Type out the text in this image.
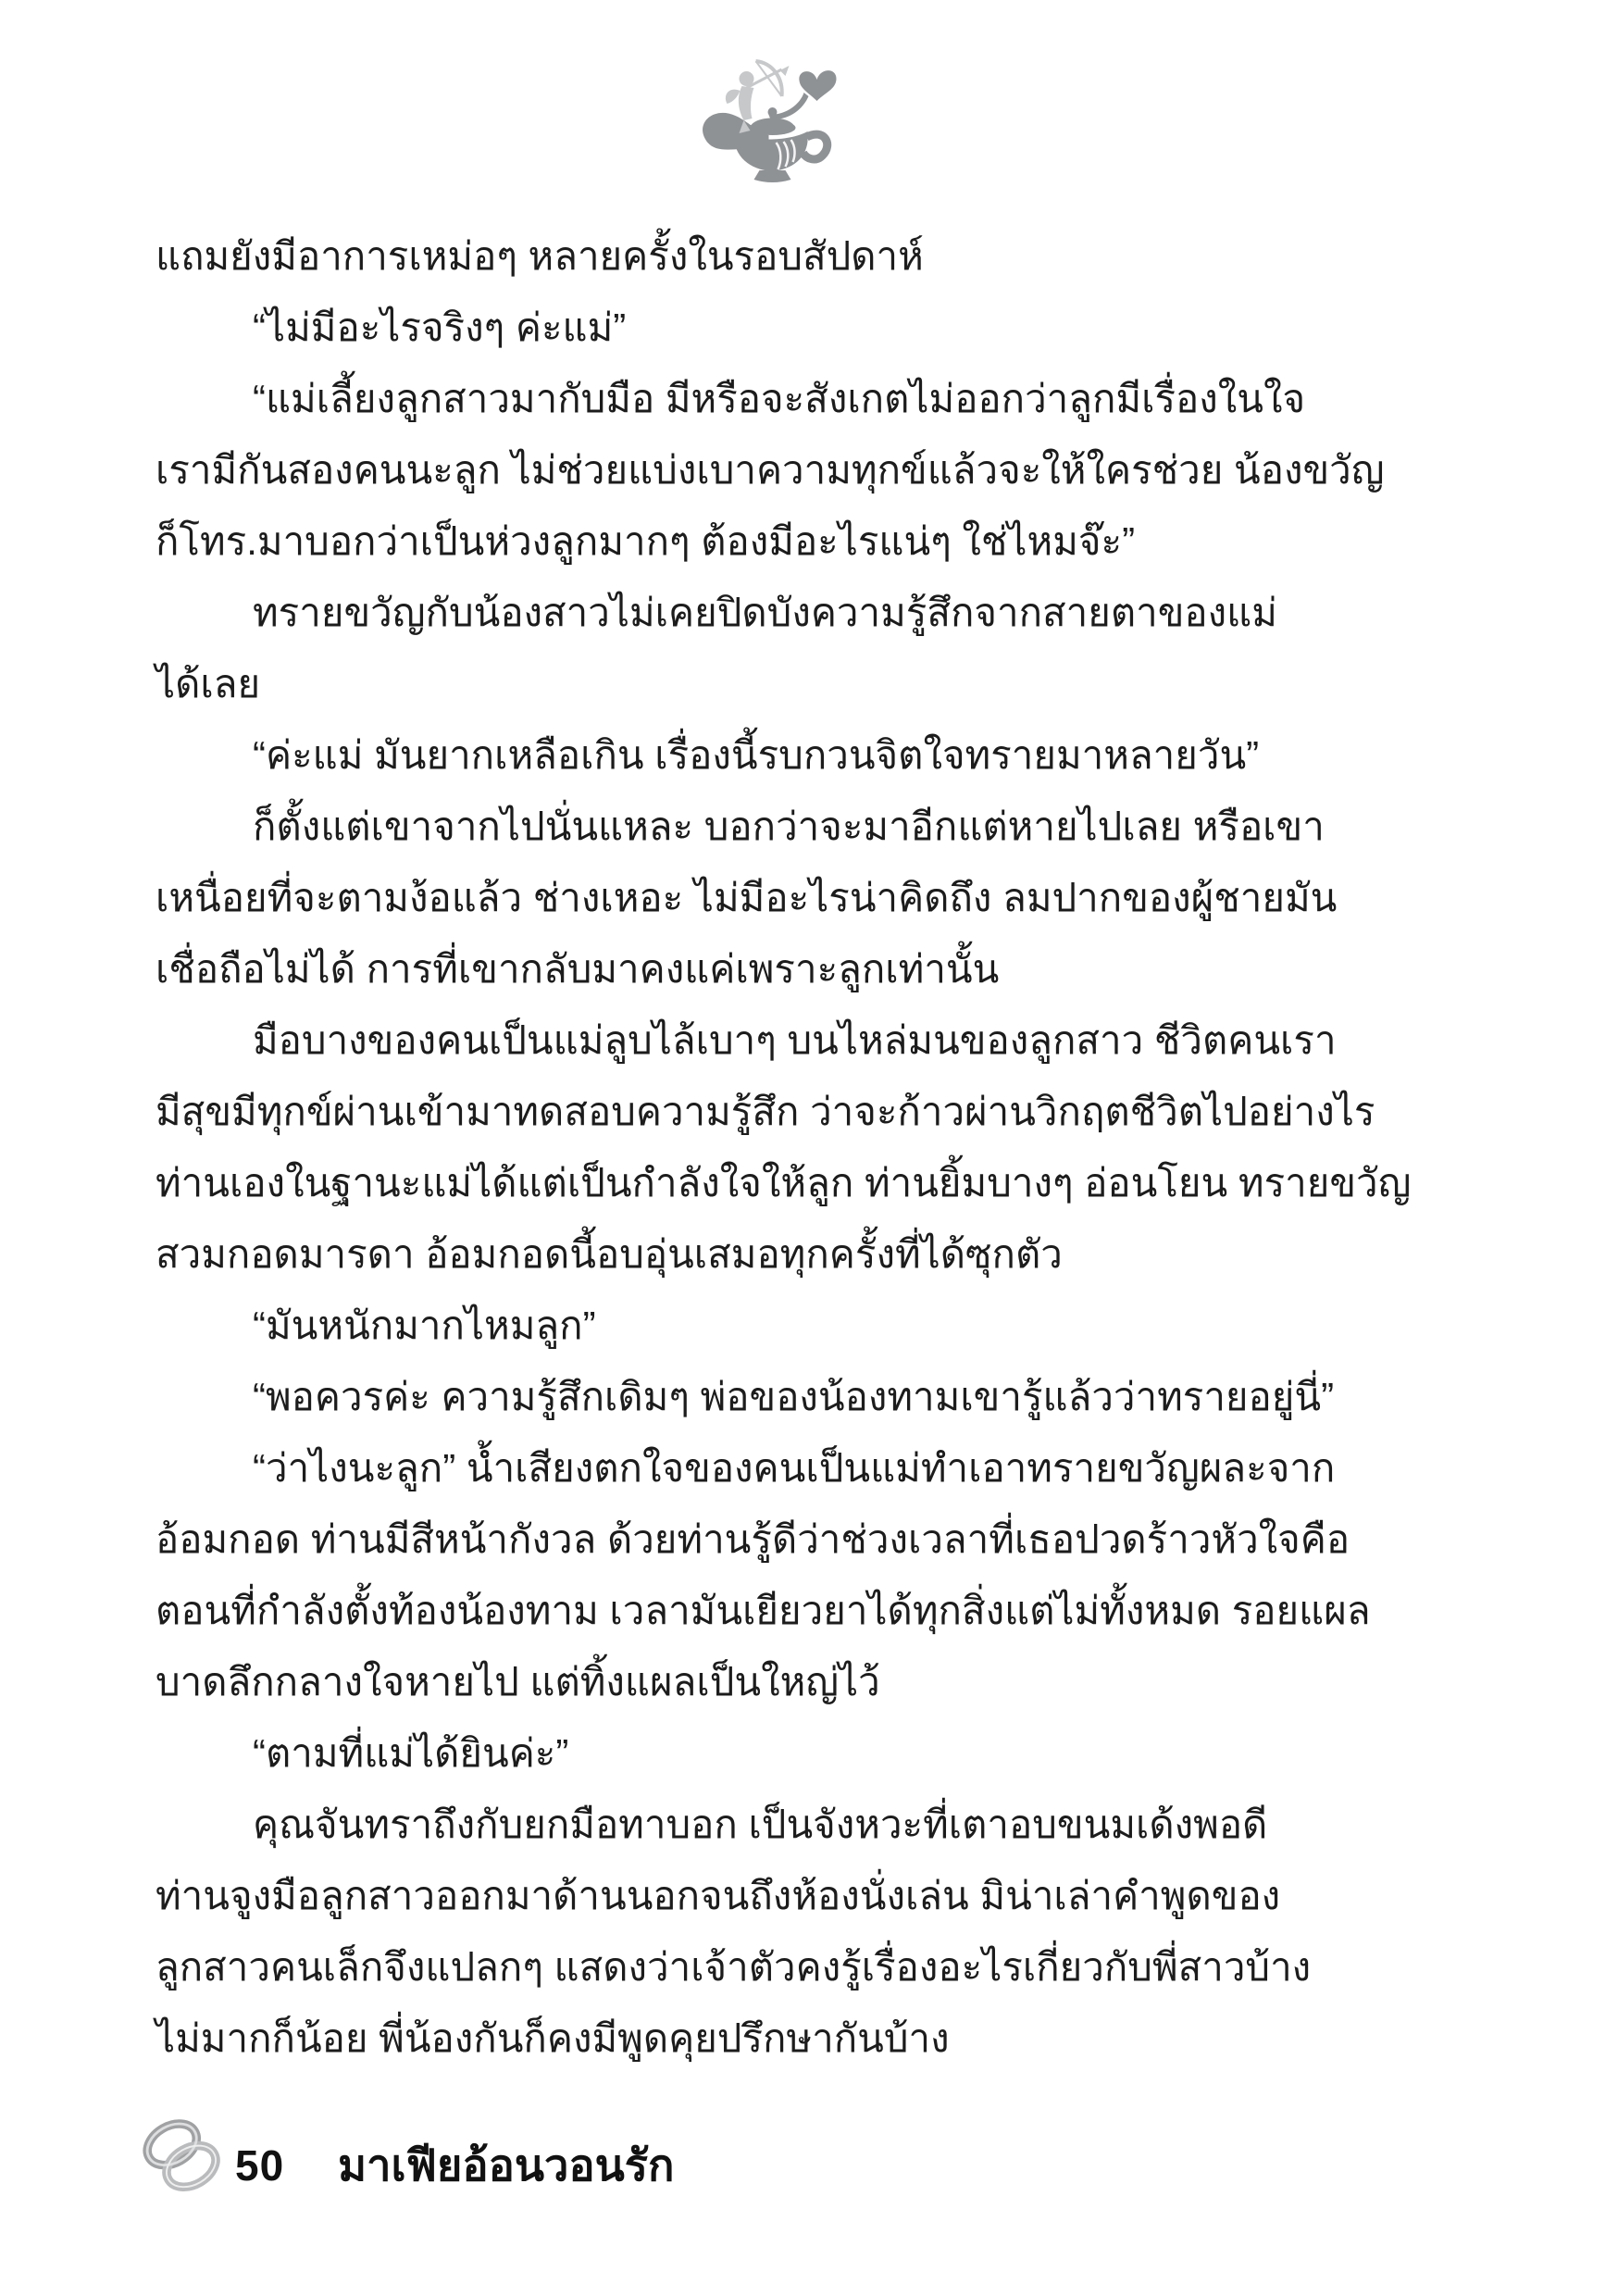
แถมยังมีอาการเหม่อๆ หลายครั้งในรอบสัปดาห์
“ไม่มีอะไรจริงๆ ค่ะแม่”
“แม่เลี้ยงลูกสาวมากับมือ มีหรือจะสังเกตไม่ออกว่าลูกมีเรื่องในใจ
เรามีกันสองคนนะลูก ไม่ช่วยแบ่งเบาความทุกข์แล้วจะให้ใครช่วย น้องขวัญ
ก็โทร.มาบอกว่าเป็นห่วงลูกมากๆ ต้องมีอะไรแน่ๆ ใช่ไหมจ๊ะ”
ทรายขวัญกับน้องสาวไม่เคยปิดบังความรู้สึกจากสายตาของแม่
ได้เลย
“ค่ะแม่ มันยากเหลือเกิน เรื่องนี้รบกวนจิตใจทรายมาหลายวัน”
ก็ตั้งแต่เขาจากไปนั่นแหละ บอกว่าจะมาอีกแต่หายไปเลย หรือเขา
เหนื่อยที่จะตามง้อแล้ว ช่างเหอะ ไม่มีอะไรน่าคิดถึง ลมปากของผู้ชายมัน
เชื่อถือไม่ได้ การที่เขากลับมาคงแค่เพราะลูกเท่านั้น
มือบางของคนเป็นแม่ลูบไล้เบาๆ บนไหล่มนของลูกสาว ชีวิตคนเรา
มีสุขมีทุกข์ผ่านเข้ามาทดสอบความรู้สึก ว่าจะก้าวผ่านวิกฤตชีวิตไปอย่างไร
ท่านเองในฐานะแม่ได้แต่เป็นกำลังใจให้ลูก ท่านยิ้มบางๆ อ่อนโยน ทรายขวัญ
สวมกอดมารดา อ้อมกอดนี้อบอุ่นเสมอทุกครั้งที่ได้ซุกตัว
“มันหนักมากไหมลูก”
“พอควรค่ะ ความรู้สึกเดิมๆ พ่อของน้องทามเขารู้แล้วว่าทรายอยู่นี่”
“ว่าไงนะลูก” น้ำเสียงตกใจของคนเป็นแม่ทำเอาทรายขวัญผละจาก
อ้อมกอด ท่านมีสีหน้ากังวล ด้วยท่านรู้ดีว่าช่วงเวลาที่เธอปวดร้าวหัวใจคือ
ตอนที่กำลังตั้งท้องน้องทาม เวลามันเยียวยาได้ทุกสิ่งแต่ไม่ทั้งหมด รอยแผล
บาดลึกกลางใจหายไป แต่ทิ้งแผลเป็นใหญ่ไว้
“ตามที่แม่ได้ยินค่ะ”
คุณจันทราถึงกับยกมือทาบอก เป็นจังหวะที่เตาอบขนมเด้งพอดี
ท่านจูงมือลูกสาวออกมาด้านนอกจนถึงห้องนั่งเล่น มิน่าเล่าคำพูดของ
ลูกสาวคนเล็กจึงแปลกๆ แสดงว่าเจ้าตัวคงรู้เรื่องอะไรเกี่ยวกับพี่สาวบ้าง
ไม่มากก็น้อย พี่น้องกันก็คงมีพูดคุยปรึกษากันบ้าง
50 มาเฟียอ้อนวอนรัก
